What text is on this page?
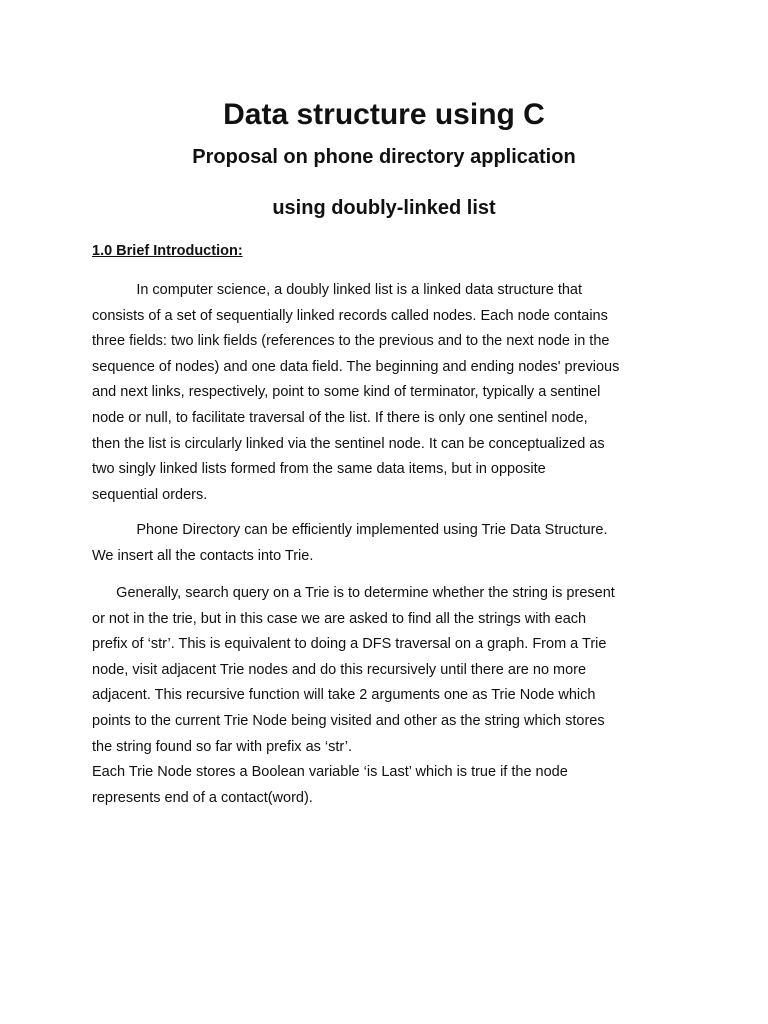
Data structure using C
Proposal on phone directory application
using doubly-linked list
1.0 Brief Introduction:

In computer science, a doubly linked list is a linked data structure that
consists of a set of sequentially linked records called nodes. Each node contains
three fields: two link fields (references to the previous and to the next node in the
sequence of nodes) and one data field. The beginning and ending nodes' previous
and next links, respectively, point to some kind of terminator, typically a sentinel
node or null, to facilitate traversal of the list. If there is only one sentinel node,
then the list is circularly linked via the sentinel node. It can be conceptualized as
two singly linked lists formed from the same data items, but in opposite
sequential orders.

Phone Directory can be efficiently implemented using Trie Data Structure.
We insert all the contacts into Trie.

Generally, search query on a Trie is to determine whether the string is present
or not in the trie, but in this case we are asked to find all the strings with each
prefix of ‘str’. This is equivalent to doing a DFS traversal on a graph. From a Trie
node, visit adjacent Trie nodes and do this recursively until there are no more
adjacent. This recursive function will take 2 arguments one as Trie Node which
points to the current Trie Node being visited and other as the string which stores
the string found so far with prefix as ‘str’.
Each Trie Node stores a Boolean variable ‘is Last’ which is true if the node
represents end of a contact(word).
